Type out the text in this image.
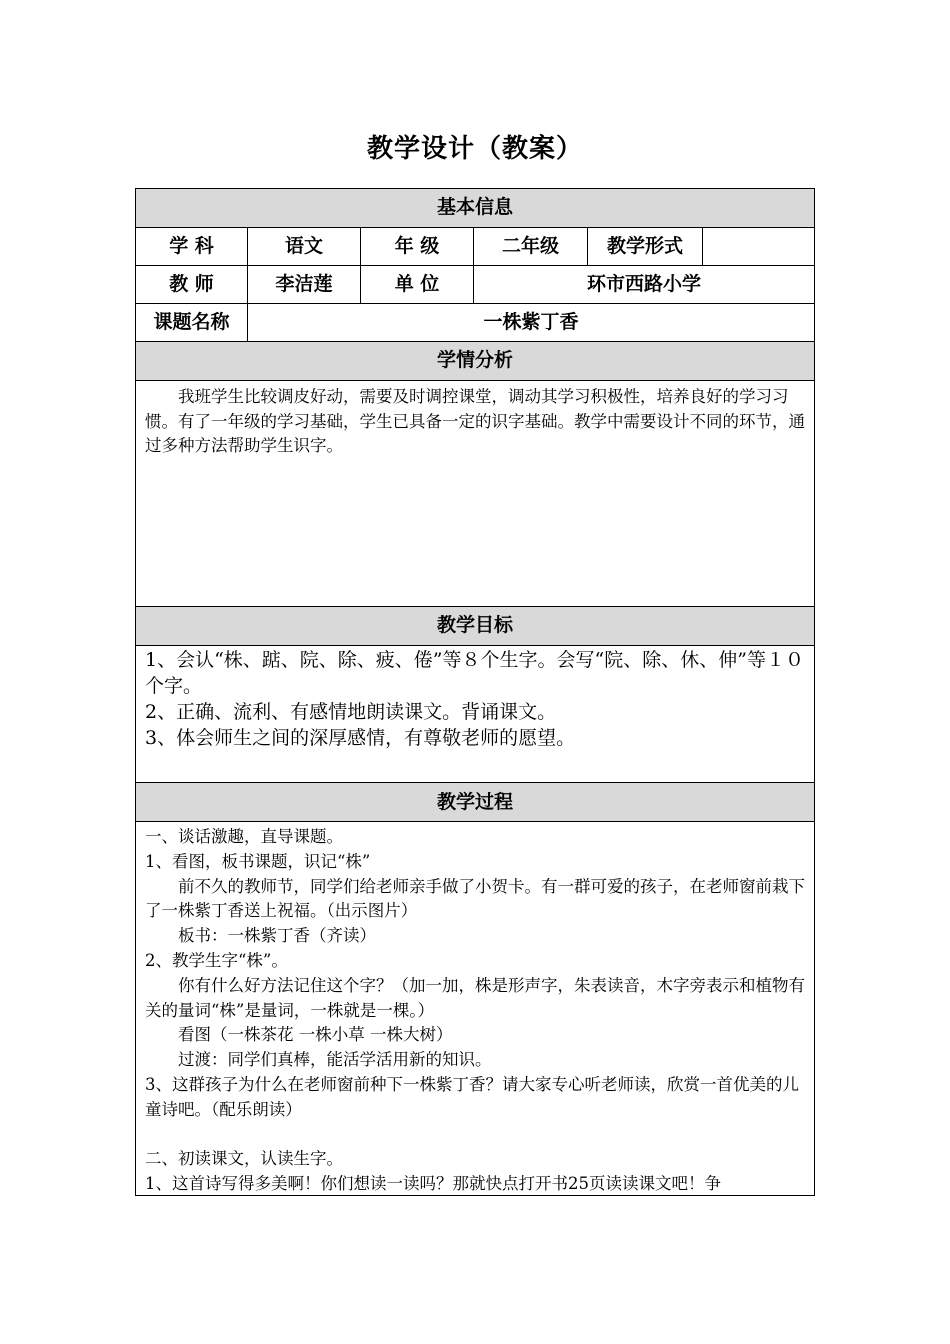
教学设计（教案）
基本信息
学 科	语文	年 级	二年级	教学形式
教 师	李洁莲	单 位	环市西路小学
课题名称	一株紫丁香
学情分析

我班学生比较调皮好动，需要及时调控课堂，调动其学习积极性，培养良好的学习习惯。有了一年级的学习基础，学生已具备一定的识字基础。教学中需要设计不同的环节，通过多种方法帮助学生识字。

教学目标

1、会认“株、踮、院、除、疲、倦”等８个生字。会写“院、除、休、伸”等１０个字。

2、正确、流利、有感情地朗读课文。背诵课文。

3、体会师生之间的深厚感情，有尊敬老师的愿望。

教学过程

一、谈话激趣，直导课题。

1、看图，板书课题，识记“株”

前不久的教师节，同学们给老师亲手做了小贺卡。有一群可爱的孩子，在老师窗前栽下了一株紫丁香送上祝福。（出示图片）

板书：一株紫丁香（齐读）

2、教学生字“株”。

你有什么好方法记住这个字？（加一加，株是形声字，朱表读音，木字旁表示和植物有关的量词“株”是量词，一株就是一棵。）

看图（一株茶花 一株小草 一株大树）

过渡：同学们真棒，能活学活用新的知识。

3、这群孩子为什么在老师窗前种下一株紫丁香？请大家专心听老师读，欣赏一首优美的儿童诗吧。（配乐朗读）

二、初读课文，认读生字。

1、这首诗写得多美啊！你们想读一读吗？那就快点打开书25页读读课文吧！争
